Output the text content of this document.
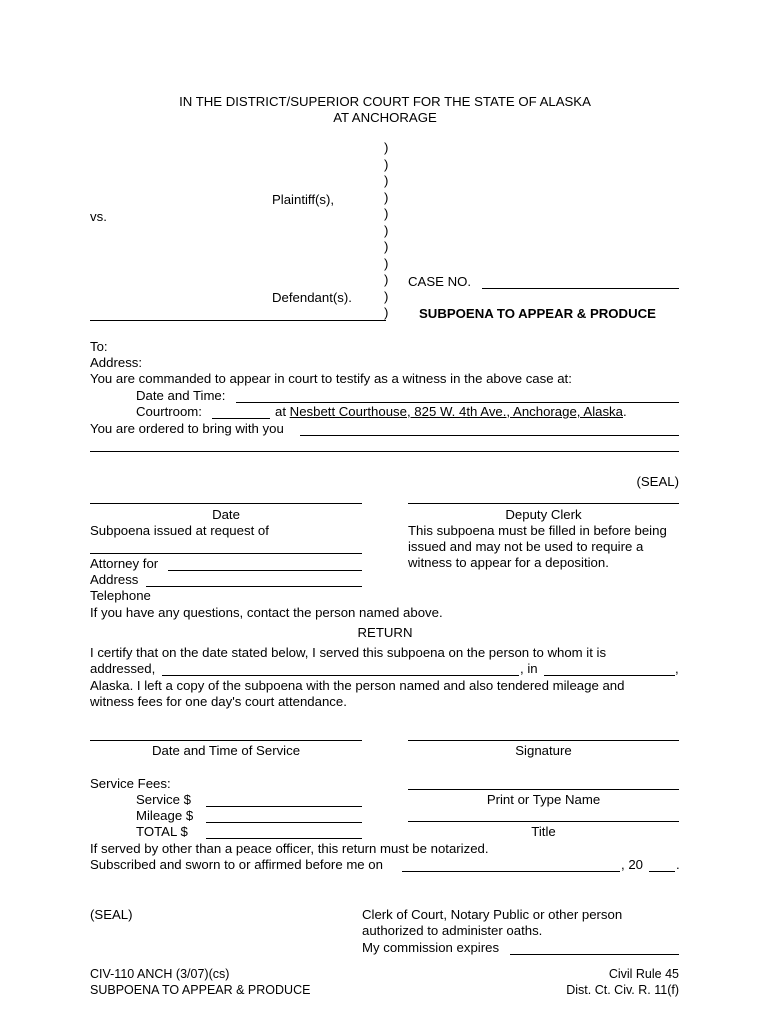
IN THE DISTRICT/SUPERIOR COURT FOR THE STATE OF ALASKA
AT ANCHORAGE
)
)
)
)
)
)
)
)
)
)
)
Plaintiff(s),
vs.
Defendant(s).
CASE NO.
SUBPOENA TO APPEAR & PRODUCE
To:
Address:
You are commanded to appear in court to testify as a witness in the above case at:
Date and Time:
Courtroom:	at Nesbett Courthouse, 825 W. 4th Ave., Anchorage, Alaska.
You are ordered to bring with you
(SEAL)
Date	Deputy Clerk
Subpoena issued at request of	This subpoena must be filled in before being
issued and may not be used to require a
witness to appear for a deposition.
Attorney for
Address
Telephone
If you have any questions, contact the person named above.
RETURN
I certify that on the date stated below, I served this subpoena on the person to whom it is
addressed,	, in	,
Alaska. I left a copy of the subpoena with the person named and also tendered mileage and
witness fees for one day's court attendance.
Date and Time of Service	Signature
Service Fees:
Service $	Print or Type Name
Mileage $
TOTAL $	Title
If served by other than a peace officer, this return must be notarized.
Subscribed and sworn to or affirmed before me on	, 20	.
(SEAL)	Clerk of Court, Notary Public or other person
authorized to administer oaths.
My commission expires
CIV-110 ANCH (3/07)(cs)
SUBPOENA TO APPEAR & PRODUCE
Civil Rule 45
Dist. Ct. Civ. R. 11(f)
